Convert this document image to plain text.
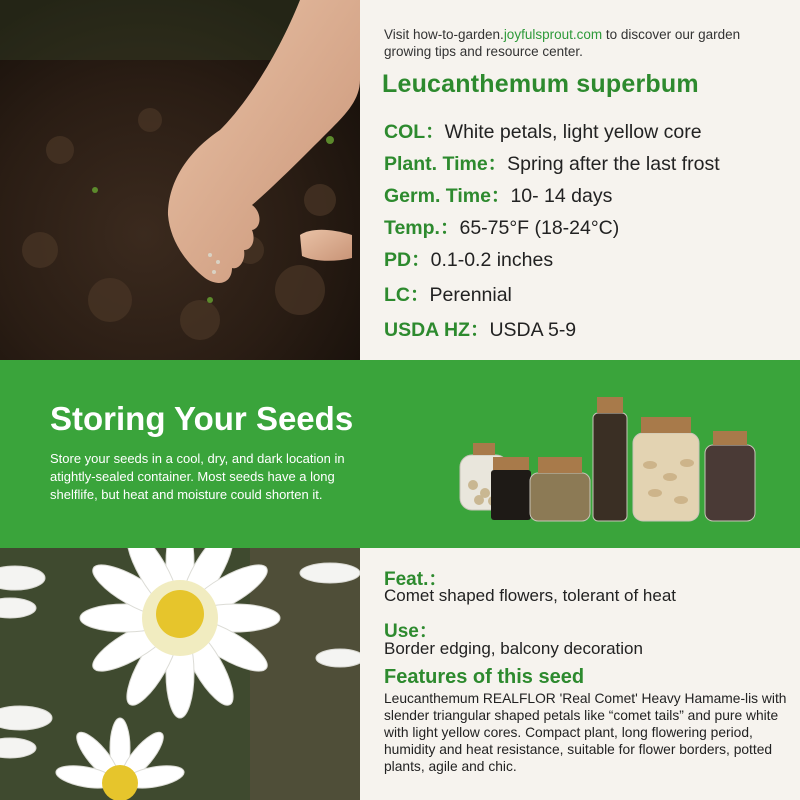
Visit how-to-garden.joyfulsprout.com to discover our garden growing tips and resource center.
Leucanthemum superbum
COL：White petals, light yellow core
Plant. Time：Spring after the last frost
Germ. Time：10- 14 days
Temp.：65-75°F (18-24°C)
PD：0.1-0.2 inches
LC：Perennial
USDA HZ：USDA 5-9
Storing Your Seeds
Store your seeds in a cool, dry, and dark location in atightly-sealed container. Most seeds have a long shelflife, but heat and moisture could shorten it.
Feat.：
Comet shaped flowers, tolerant of heat
Use：
Border edging, balcony decoration
Features of this seed
Leucanthemum REALFLOR 'Real Comet' Heavy Hamame-lis with slender triangular shaped petals like “comet tails” and pure white with light yellow cores. Compact plant, long flowering period, humidity and heat resistance, suitable for flower borders, potted plants, agile and chic.
